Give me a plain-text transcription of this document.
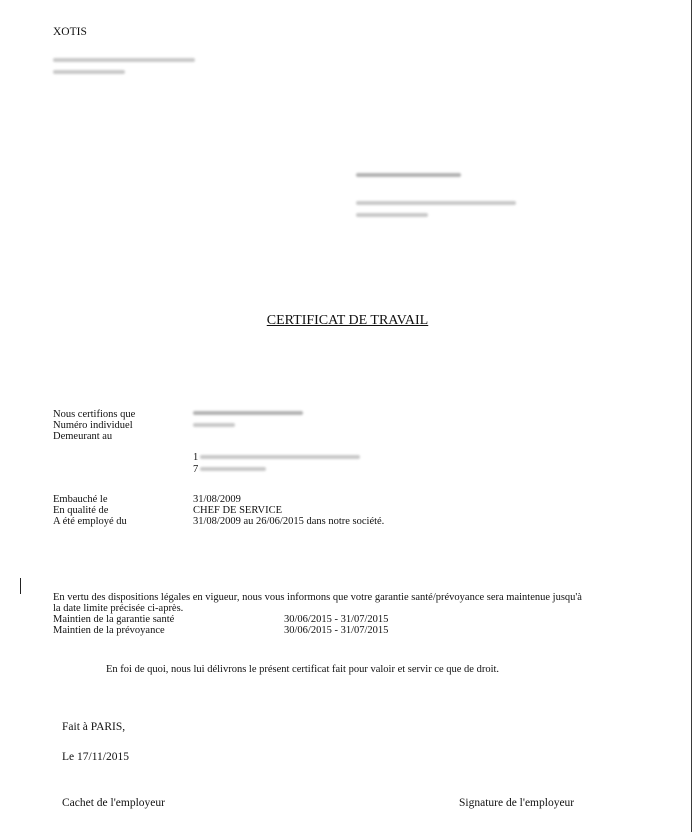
XOTIS
CERTIFICAT DE TRAVAIL
Nous certifions que
Numéro individuel
Demeurant au
1
7
Embauché le	31/08/2009
En qualité de	CHEF DE SERVICE
A été employé du	31/08/2009 au 26/06/2015 dans notre société.
En vertu des dispositions légales en vigueur, nous vous informons que votre garantie santé/prévoyance sera maintenue jusqu'à
la date limite précisée ci-après.
Maintien de la garantie santé	30/06/2015 - 31/07/2015
Maintien de la prévoyance	30/06/2015 - 31/07/2015
En foi de quoi, nous lui délivrons le présent certificat fait pour valoir et servir ce que de droit.
Fait à PARIS,
Le 17/11/2015
Cachet de l'employeur	Signature de l'employeur
